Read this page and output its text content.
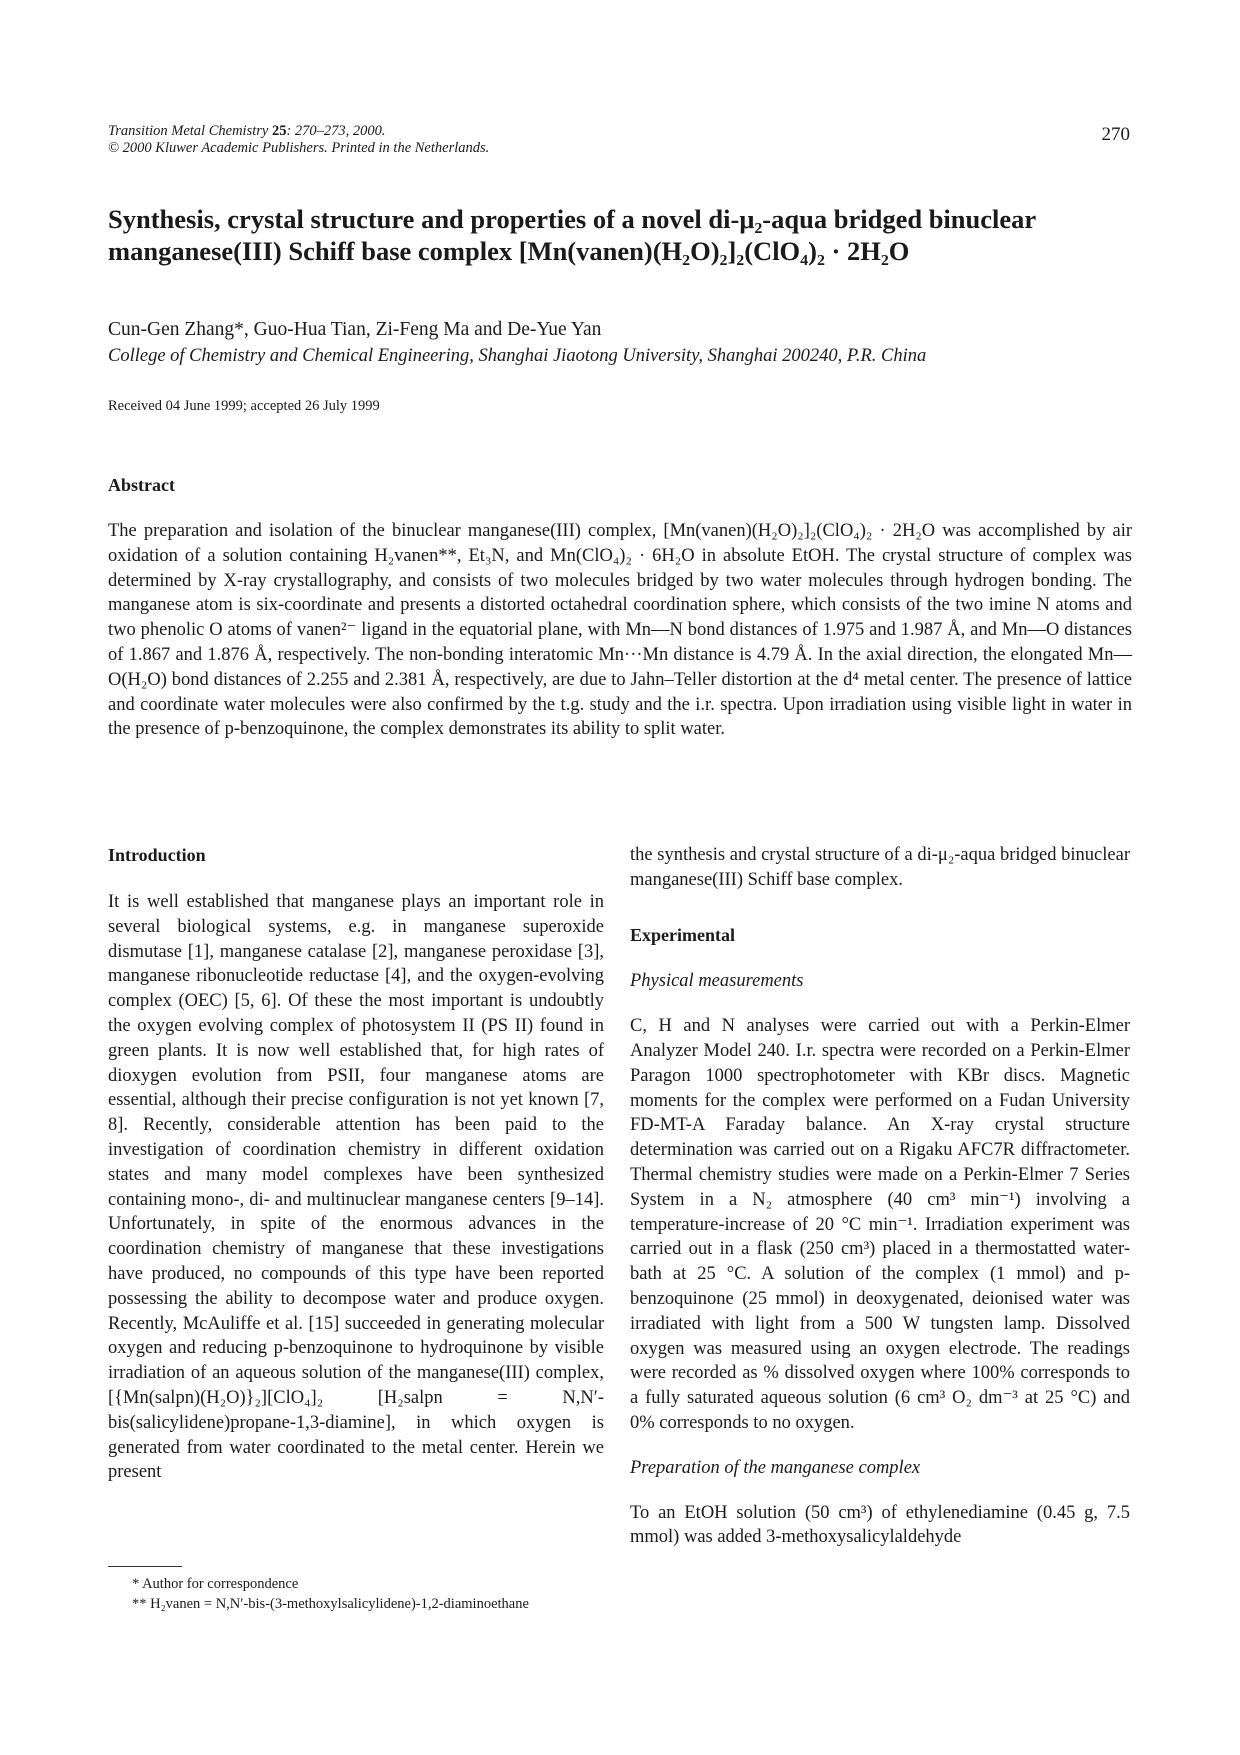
Transition Metal Chemistry 25: 270–273, 2000.
© 2000 Kluwer Academic Publishers. Printed in the Netherlands.
270
Synthesis, crystal structure and properties of a novel di-μ₂-aqua bridged binuclear
manganese(III) Schiff base complex [Mn(vanen)(H₂O)₂]₂(ClO₄)₂ · 2H₂O
Cun-Gen Zhang*, Guo-Hua Tian, Zi-Feng Ma and De-Yue Yan
College of Chemistry and Chemical Engineering, Shanghai Jiaotong University, Shanghai 200240, P.R. China
Received 04 June 1999; accepted 26 July 1999
Abstract
The preparation and isolation of the binuclear manganese(III) complex, [Mn(vanen)(H₂O)₂]₂(ClO₄)₂ · 2H₂O was accomplished by air oxidation of a solution containing H₂vanen**, Et₃N, and Mn(ClO₄)₂ · 6H₂O in absolute EtOH. The crystal structure of complex was determined by X-ray crystallography, and consists of two molecules bridged by two water molecules through hydrogen bonding. The manganese atom is six-coordinate and presents a distorted octahedral coordination sphere, which consists of the two imine N atoms and two phenolic O atoms of vanen²⁻ ligand in the equatorial plane, with Mn—N bond distances of 1.975 and 1.987 Å, and Mn—O distances of 1.867 and 1.876 Å, respectively. The non-bonding interatomic Mn···Mn distance is 4.79 Å. In the axial direction, the elongated Mn—O(H₂O) bond distances of 2.255 and 2.381 Å, respectively, are due to Jahn–Teller distortion at the d⁴ metal center. The presence of lattice and coordinate water molecules were also confirmed by the t.g. study and the i.r. spectra. Upon irradiation using visible light in water in the presence of p-benzoquinone, the complex demonstrates its ability to split water.
Introduction

It is well established that manganese plays an important role in several biological systems, e.g. in manganese superoxide dismutase [1], manganese catalase [2], manganese peroxidase [3], manganese ribonucleotide reductase [4], and the oxygen-evolving complex (OEC) [5, 6]. Of these the most important is undoubtly the oxygen evolving complex of photosystem II (PS II) found in green plants. It is now well established that, for high rates of dioxygen evolution from PSII, four manganese atoms are essential, although their precise configuration is not yet known [7, 8]. Recently, considerable attention has been paid to the investigation of coordination chemistry in different oxidation states and many model complexes have been synthesized containing mono-, di- and multinuclear manganese centers [9–14]. Unfortunately, in spite of the enormous advances in the coordination chemistry of manganese that these investigations have produced, no compounds of this type have been reported possessing the ability to decompose water and produce oxygen. Recently, McAuliffe et al. [15] succeeded in generating molecular oxygen and reducing p-benzoquinone to hydroquinone by visible irradiation of an aqueous solution of the manganese(III) complex, [{Mn(salpn)(H₂O)}₂][ClO₄]₂ [H₂salpn = N,N′-bis(salicylidene)propane-1,3-diamine], in which oxygen is generated from water coordinated to the metal center. Herein we present

the synthesis and crystal structure of a di-μ₂-aqua bridged binuclear manganese(III) Schiff base complex.

Experimental
Physical measurements

C, H and N analyses were carried out with a Perkin-Elmer Analyzer Model 240. I.r. spectra were recorded on a Perkin-Elmer Paragon 1000 spectrophotometer with KBr discs. Magnetic moments for the complex were performed on a Fudan University FD-MT-A Faraday balance. An X-ray crystal structure determination was carried out on a Rigaku AFC7R diffractometer. Thermal chemistry studies were made on a Perkin-Elmer 7 Series System in a N₂ atmosphere (40 cm³ min⁻¹) involving a temperature-increase of 20 °C min⁻¹. Irradiation experiment was carried out in a flask (250 cm³) placed in a thermostatted water-bath at 25 °C. A solution of the complex (1 mmol) and p-benzoquinone (25 mmol) in deoxygenated, deionised water was irradiated with light from a 500 W tungsten lamp. Dissolved oxygen was measured using an oxygen electrode. The readings were recorded as % dissolved oxygen where 100% corresponds to a fully saturated aqueous solution (6 cm³ O₂ dm⁻³ at 25 °C) and 0% corresponds to no oxygen.

Preparation of the manganese complex

To an EtOH solution (50 cm³) of ethylenediamine (0.45 g, 7.5 mmol) was added 3-methoxysalicylaldehyde

* Author for correspondence
** H₂vanen = N,N′-bis-(3-methoxylsalicylidene)-1,2-diaminoethane
